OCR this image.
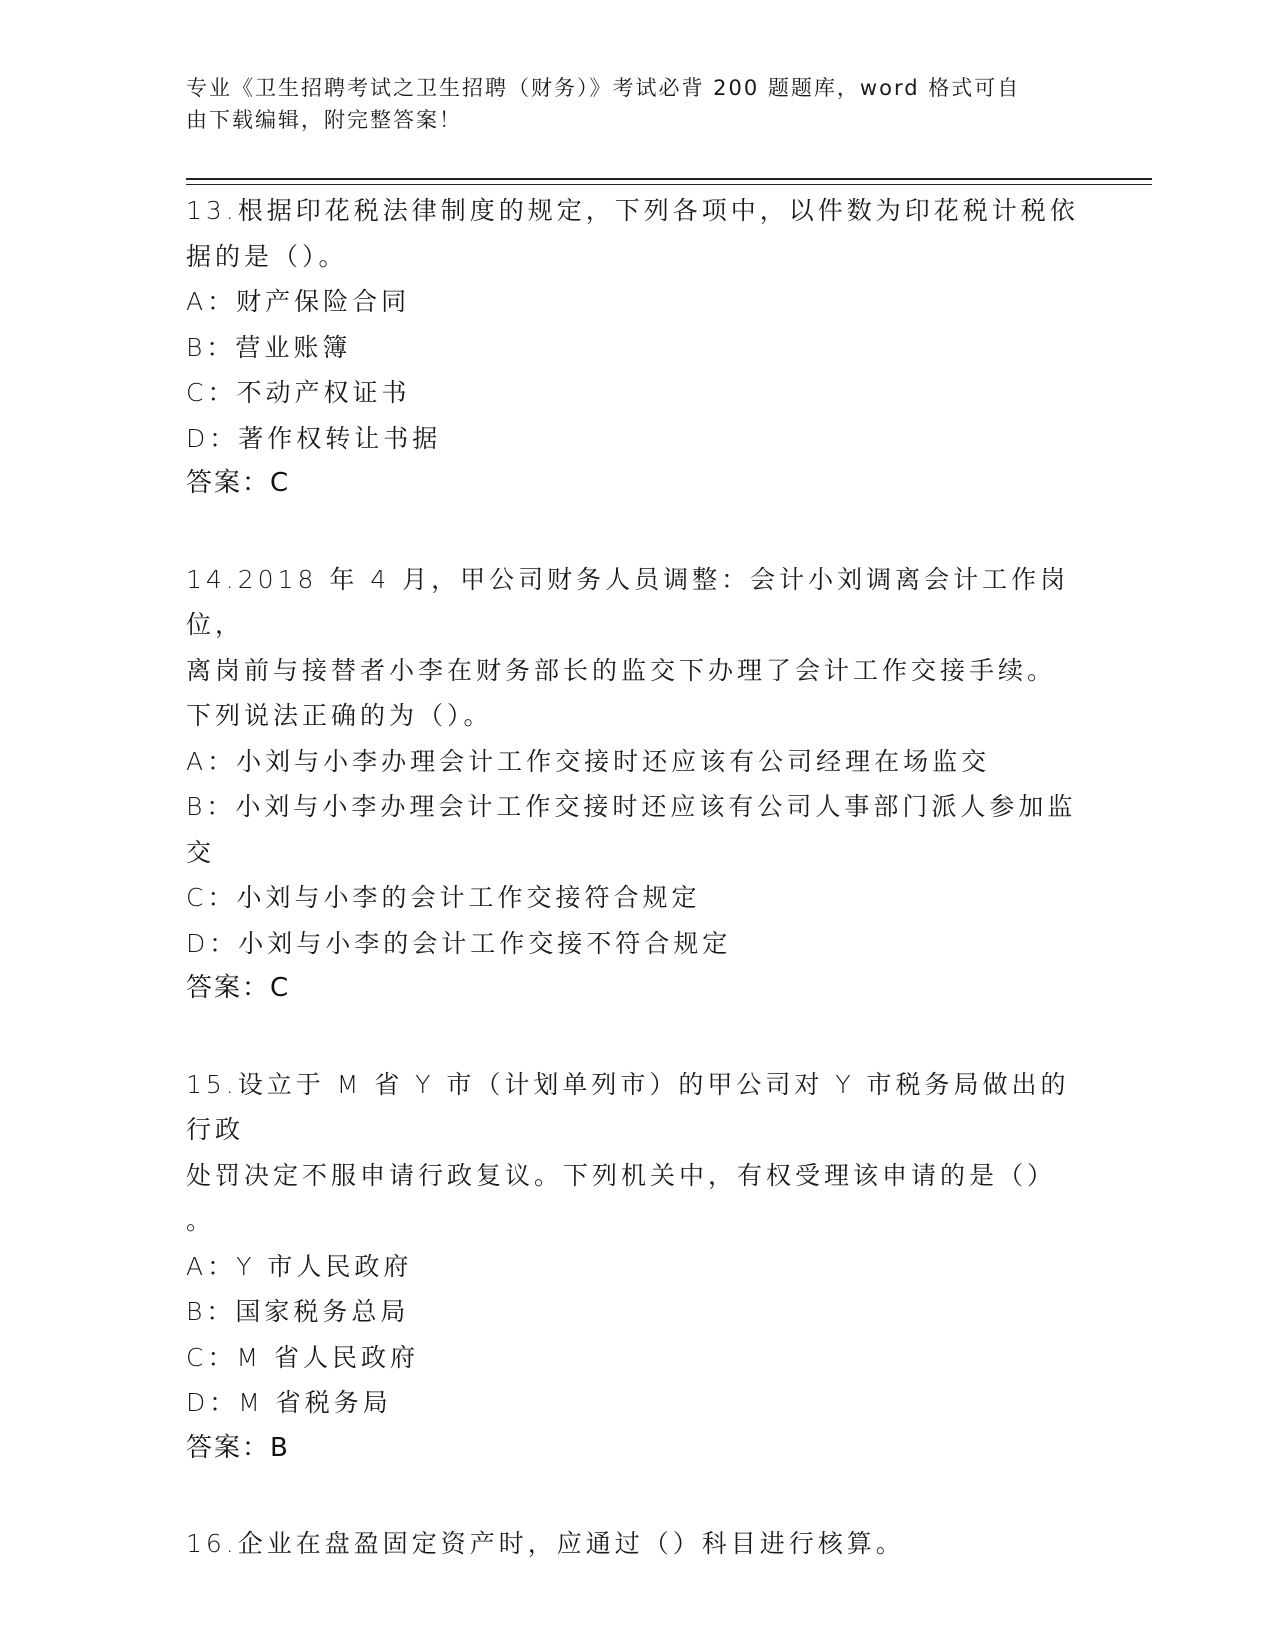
专业《卫生招聘考试之卫生招聘（财务）》考试必背 200 题题库，word 格式可自
由下载编辑，附完整答案！
13.根据印花税法律制度的规定，下列各项中，以件数为印花税计税依
据的是（）。
A：财产保险合同
B：营业账簿
C：不动产权证书
D：著作权转让书据
答案：C
14.2018 年 4 月，甲公司财务人员调整：会计小刘调离会计工作岗位，
离岗前与接替者小李在财务部长的监交下办理了会计工作交接手续。
下列说法正确的为（）。
A：小刘与小李办理会计工作交接时还应该有公司经理在场监交
B：小刘与小李办理会计工作交接时还应该有公司人事部门派人参加监
交
C：小刘与小李的会计工作交接符合规定
D：小刘与小李的会计工作交接不符合规定
答案：C
15.设立于 M 省 Y 市（计划单列市）的甲公司对 Y 市税务局做出的行政
处罚决定不服申请行政复议。下列机关中，有权受理该申请的是（）
。
A：Y 市人民政府
B：国家税务总局
C：M 省人民政府
D：M 省税务局
答案：B
16.企业在盘盈固定资产时，应通过（）科目进行核算。
